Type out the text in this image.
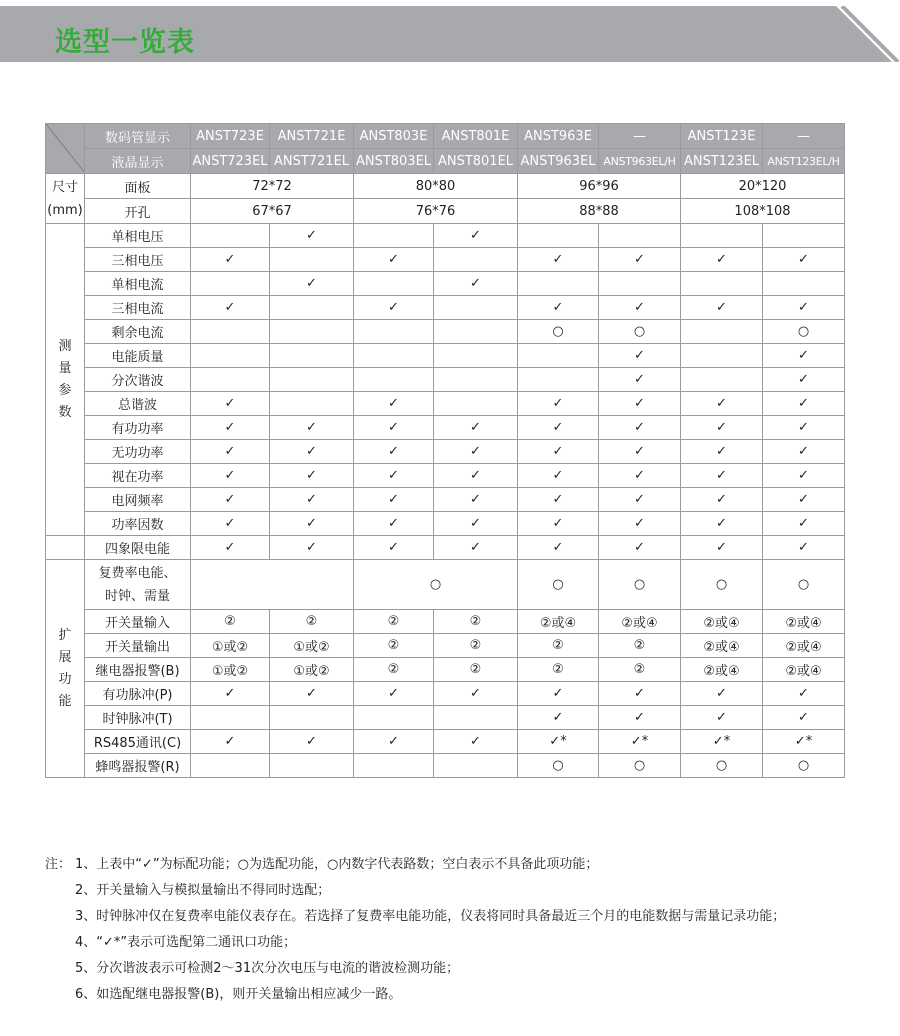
选型一览表
	数码管显示	ANST723E	ANST721E	ANST803E	ANST801E	ANST963E	—	ANST123E	—
	液晶显示	ANST723EL	ANST721EL	ANST803EL	ANST801EL	ANST963EL	ANST963EL/H	ANST123EL	ANST123EL/H
尺寸
(mm)	面板	72*72		80*80		96*96		20*120	
	开孔	67*67		76*76		88*88		108*108	
测
量
参
数	单相电压		✓		✓				
	三相电压	✓		✓		✓	✓	✓	✓
	单相电流		✓		✓				
	三相电流	✓		✓		✓	✓	✓	✓
	剩余电流					○	○		○
	电能质量						✓		✓
	分次谐波						✓		✓
	总谐波	✓		✓		✓	✓	✓	✓
	有功功率	✓	✓	✓	✓	✓	✓	✓	✓
	无功功率	✓	✓	✓	✓	✓	✓	✓	✓
	视在功率	✓	✓	✓	✓	✓	✓	✓	✓
	电网频率	✓	✓	✓	✓	✓	✓	✓	✓
	功率因数	✓	✓	✓	✓	✓	✓	✓	✓
	四象限电能	✓	✓	✓	✓	✓	✓	✓	✓
扩
展
功
能	复费率电能、
时钟、需量			○		○	○	○	○
	开关量输入	②	②	②	②	②或④	②或④	②或④	②或④
	开关量输出	①或②	①或②	②	②	②	②	②或④	②或④
	继电器报警(B)	①或②	①或②	②	②	②	②	②或④	②或④
	有功脉冲(P)	✓	✓	✓	✓	✓	✓	✓	✓
	时钟脉冲(T)					✓	✓	✓	✓
	RS485通讯(C)	✓	✓	✓	✓	✓*	✓*	✓*	✓*
	蜂鸣器报警(R)					○	○	○	○
注： 1、上表中“✓”为标配功能；○为选配功能，○内数字代表路数；空白表示不具备此项功能；
2、开关量输入与模拟量输出不得同时选配；
3、时钟脉冲仅在复费率电能仪表存在。若选择了复费率电能功能，仪表将同时具备最近三个月的电能数据与需量记录功能；
4、“✓*”表示可选配第二通讯口功能；
5、分次谐波表示可检测2～31次分次电压与电流的谐波检测功能；
6、如选配继电器报警(B)，则开关量输出相应减少一路。
